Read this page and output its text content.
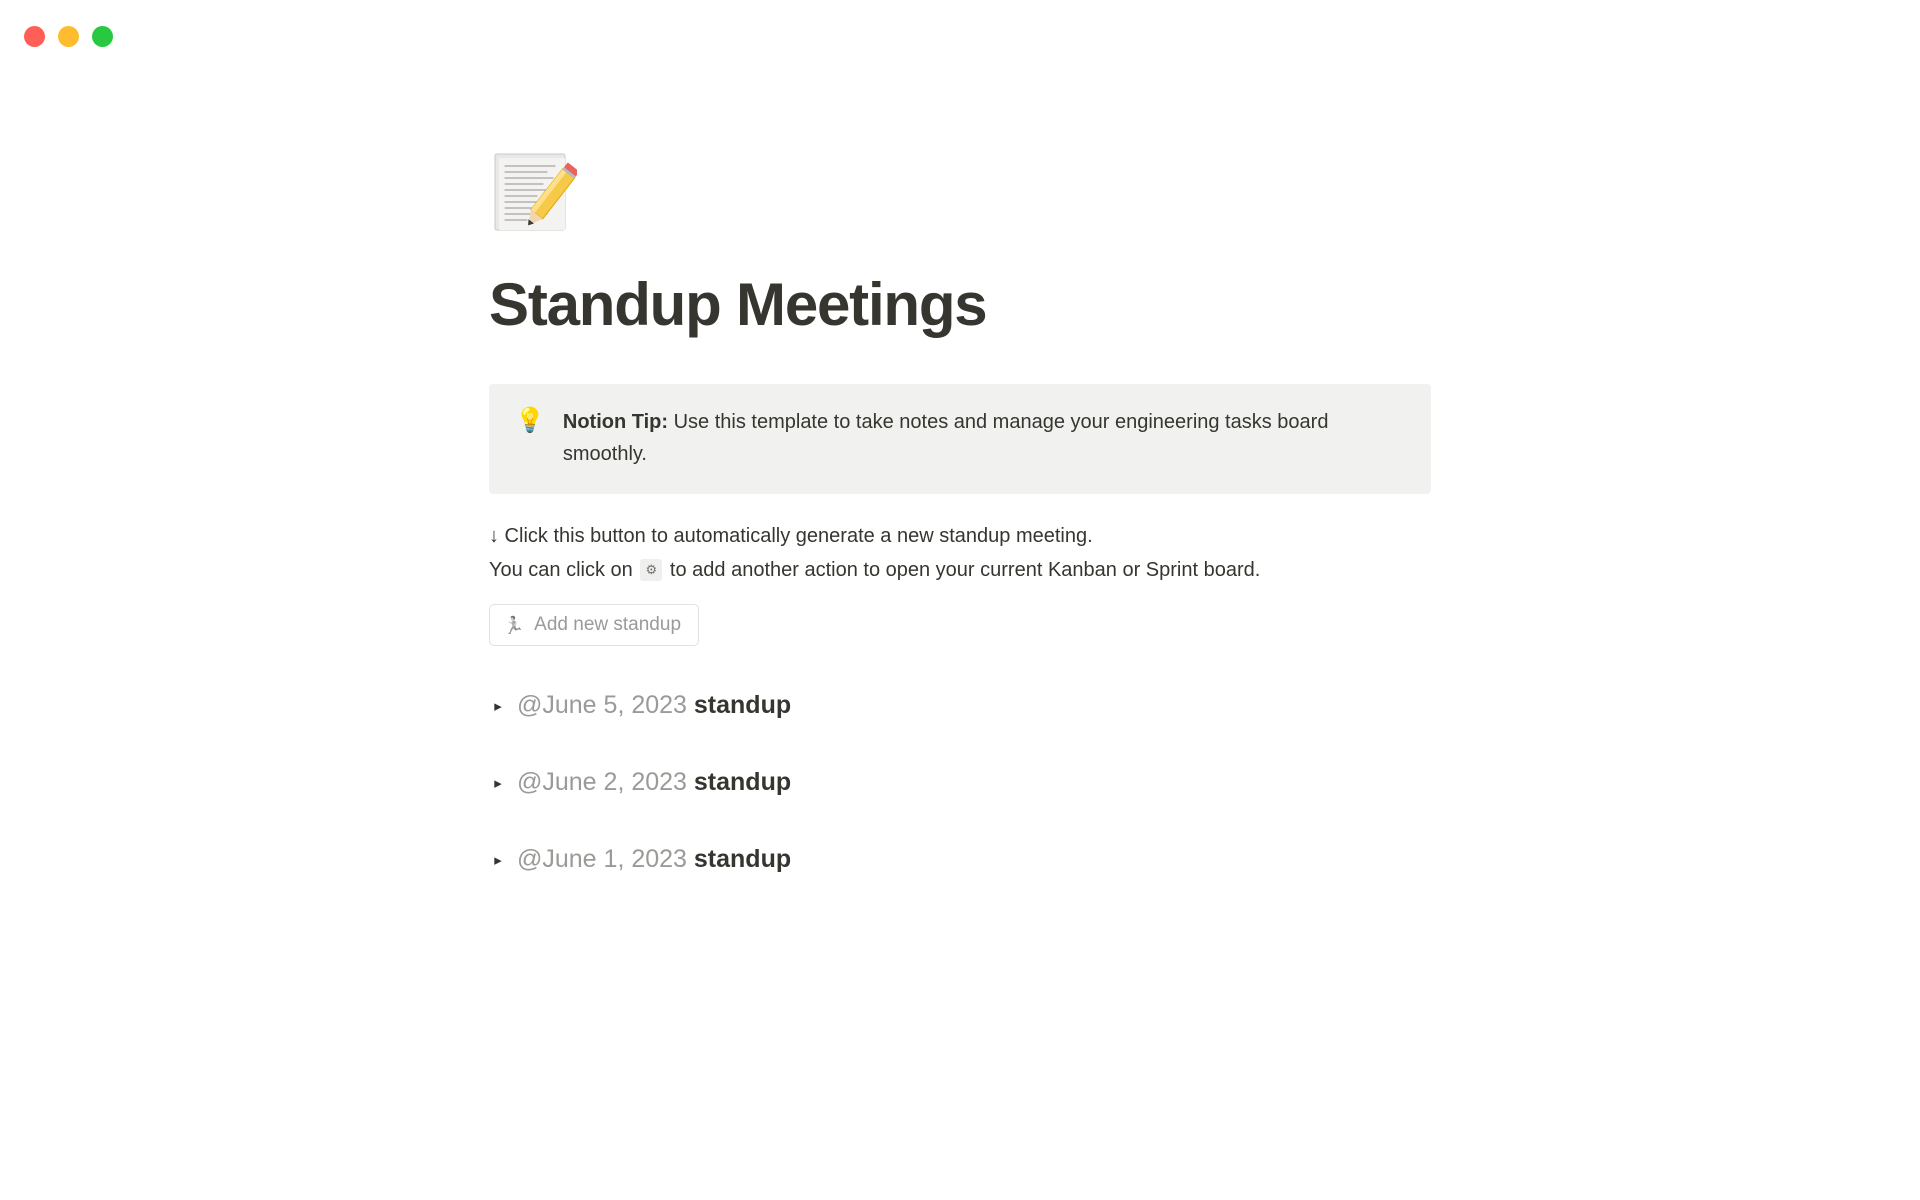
Standup Meetings
💡 Notion Tip: Use this template to take notes and manage your engineering tasks board smoothly.

↓ Click this button to automatically generate a new standup meeting.

You can click on ⚙ to add another action to open your current Kanban or Sprint board.

🏃 Add new standup
▸ @June 5, 2023 standup
▸ @June 2, 2023 standup
▸ @June 1, 2023 standup
